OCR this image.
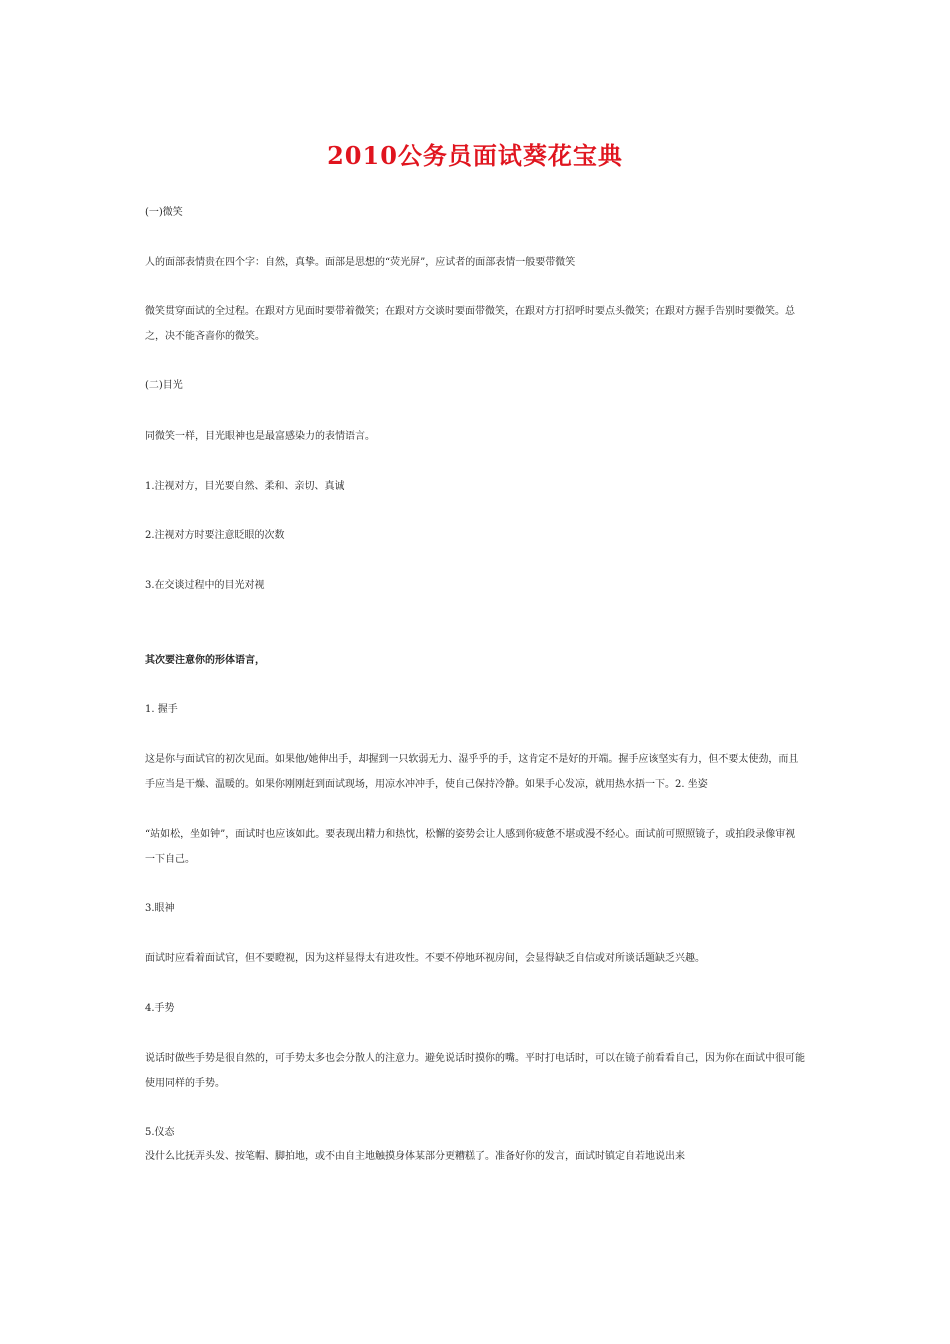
2010公务员面试葵花宝典

(一)微笑

人的面部表情贵在四个字：自然，真挚。面部是思想的“荧光屏”，应试者的面部表情一般要带微笑

微笑贯穿面试的全过程。在跟对方见面时要带着微笑；在跟对方交谈时要面带微笑，在跟对方打招呼时要点头微笑；在跟对方握手告别时要微笑。总之，决不能吝啬你的微笑。

(二)目光

同微笑一样，目光眼神也是最富感染力的表情语言。

1.注视对方，目光要自然、柔和、亲切、真诚

2.注视对方时要注意眨眼的次数

3.在交谈过程中的目光对视

其次要注意你的形体语言，

1. 握手

这是你与面试官的初次见面。如果他/她伸出手，却握到一只软弱无力、湿乎乎的手，这肯定不是好的开端。握手应该坚实有力，但不要太使劲，而且手应当是干燥、温暖的。如果你刚刚赶到面试现场，用凉水冲冲手，使自己保持冷静。如果手心发凉，就用热水捂一下。2. 坐姿

“站如松，坐如钟”，面试时也应该如此。要表现出精力和热忱，松懈的姿势会让人感到你疲惫不堪或漫不经心。面试前可照照镜子，或拍段录像审视一下自己。

3.眼神

面试时应看着面试官，但不要瞪视，因为这样显得太有进攻性。不要不停地环视房间，会显得缺乏自信或对所谈话题缺乏兴趣。

4.手势

说话时做些手势是很自然的，可手势太多也会分散人的注意力。避免说话时摸你的嘴。平时打电话时，可以在镜子前看看自己，因为你在面试中很可能使用同样的手势。

5.仪态

没什么比抚弄头发、按笔帽、脚拍地，或不由自主地触摸身体某部分更糟糕了。准备好你的发言，面试时镇定自若地说出来
